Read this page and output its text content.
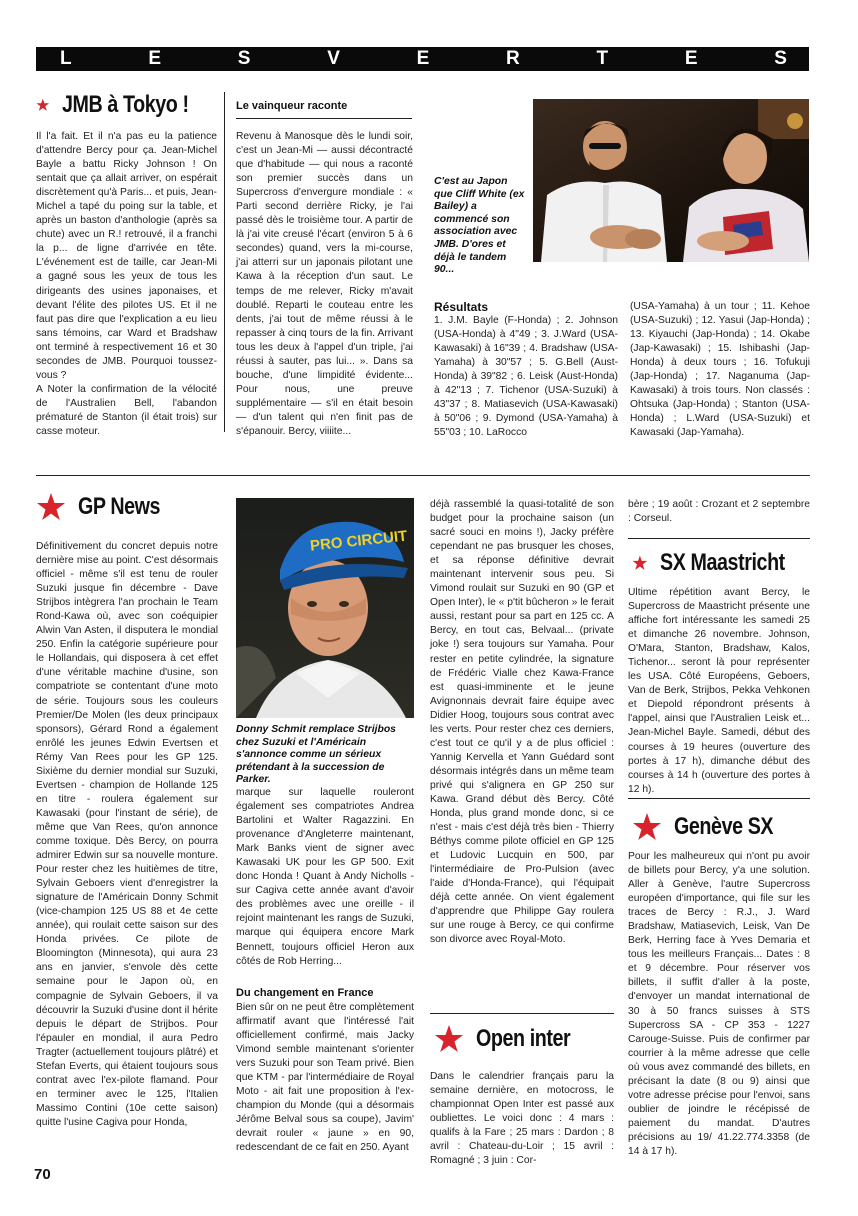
L	E	S	V	E	R	T	E	S
JMB à Tokyo !

Il l'a fait. Et il n'a pas eu la patience d'attendre Bercy pour ça. Jean-Michel Bayle a battu Ricky Johnson ! On sentait que ça allait arriver, on espérait discrètement qu'à Paris... et puis, Jean-Michel a tapé du poing sur la table, et après un baston d'anthologie (après sa chute) avec un R.! retrouvé, il a franchi la p... de ligne d'arrivée en tête. L'événement est de taille, car Jean-Mi a gagné sous les yeux de tous les dirigeants des usines japonaises, et devant l'élite des pilotes US. Et il ne faut pas dire que l'explication a eu lieu sans témoins, car Ward et Bradshaw ont terminé à respectivement 16 et 30 secondes de JMB. Pourquoi toussez-vous ?

A Noter la confirmation de la vélocité de l'Australien Bell, l'abandon prématuré de Stanton (il était trois) sur casse moteur.

Le vainqueur raconte
Revenu à Manosque dès le lundi soir, c'est un Jean-Mi — aussi décontracté que d'habitude — qui nous a raconté son premier succès dans un Supercross d'envergure mondiale : « Parti second derrière Ricky, je l'ai passé dès le troisième tour. A partir de là j'ai vite creusé l'écart (environ 5 à 6 secondes) quand, vers la mi-course, j'ai atterri sur un japonais pilotant une Kawa à la réception d'un saut. Le temps de me relever, Ricky m'avait doublé. Reparti le couteau entre les dents, j'ai tout de même réussi à le repasser à cinq tours de la fin. Arrivant tous les deux à l'appel d'un triple, j'ai réussi à sauter, pas lui... ». Dans sa bouche, d'une limpidité évidente... Pour nous, une preuve supplémentaire — s'il en était besoin — d'un talent qui n'en finit pas de s'épanouir. Bercy, viiiite...
C'est au Japon que Cliff White (ex Bailey) a commencé son association avec JMB. D'ores et déjà le tandem 90...
Résultats
1. J.M. Bayle (F-Honda) ; 2. Johnson (USA-Honda) à 4"49 ; 3. J.Ward (USA-Kawasaki) à 16"39 ; 4. Bradshaw (USA-Yamaha) à 30"57 ; 5. G.Bell (Aust-Honda) à 39"82 ; 6. Leisk (Aust-Honda) à 42"13 ; 7. Tichenor (USA-Suzuki) à 43"37 ; 8. Matiasevich (USA-Kawasaki) à 50"06 ; 9. Dymond (USA-Yamaha) à 55"03 ; 10. LaRocco
(USA-Yamaha) à un tour ; 11. Kehoe (USA-Suzuki) ; 12. Yasui (Jap-Honda) ; 13. Kiyauchi (Jap-Honda) ; 14. Okabe (Jap-Kawasaki) ; 15. Ishibashi (Jap-Honda) à deux tours ; 16. Tofukuji (Jap-Honda) ; 17. Naganuma (Jap-Kawasaki) à trois tours. Non classés : Ohtsuka (Jap-Honda) ; Stanton (USA-Honda) ; L.Ward (USA-Suzuki) et Kawasaki (Jap-Yamaha).
GP News
Définitivement du concret depuis notre dernière mise au point. C'est désormais officiel - même s'il est tenu de rouler Suzuki jusque fin décembre - Dave Strijbos intègrera l'an prochain le Team Rond-Kawa où, avec son coéquipier Alwin Van Asten, il disputera le mondial 250. Enfin la catégorie supérieure pour le Hollandais, qui disposera à cet effet d'une véritable machine d'usine, son compatriote se contentant d'une moto de série. Toujours sous les couleurs Premier/De Molen (les deux principaux sponsors), Gérard Rond a également enrôlé les jeunes Edwin Evertsen et Rémy Van Rees pour les GP 125. Sixième du dernier mondial sur Suzuki, Evertsen - champion de Hollande 125 en titre - roulera également sur Kawasaki (pour l'instant de série), de même que Van Rees, qu'on annonce comme toxique. Dès Bercy, on pourra admirer Edwin sur sa nouvelle monture. Pour rester chez les huitièmes de titre, Sylvain Geboers vient d'enregistrer la signature de l'Américain Donny Schmit (vice-champion 125 US 88 et 4e cette année), qui roulait cette saison sur des Honda privées. Ce pilote de Bloomington (Minnesota), qui aura 23 ans en janvier, s'envole dès cette semaine pour le Japon où, en compagnie de Sylvain Geboers, il va découvrir la Suzuki d'usine dont il hérite depuis le départ de Strijbos. Pour l'épauler en mondial, il aura Pedro Tragter (actuellement toujours plâtré) et Stefan Everts, qui étaient toujours sous contrat avec l'ex-pilote flamand. Pour en terminer avec le 125, l'Italien Massimo Contini (10e cette saison) quitte l'usine Cagiva pour Honda,
PRO CIRCUIT
Donny Schmit remplace Strijbos chez Suzuki et l'Américain s'annonce comme un sérieux prétendant à la succession de Parker.
marque sur laquelle rouleront également ses compatriotes Andrea Bartolini et Walter Ragazzini. En provenance d'Angleterre maintenant, Mark Banks vient de signer avec Kawasaki UK pour les GP 500. Exit donc Honda ! Quant à Andy Nicholls - sur Cagiva cette année avant d'avoir des problèmes avec une oreille - il rejoint maintenant les rangs de Suzuki, marque qui équipera encore Mark Bennett, toujours officiel Heron aux côtés de Rob Herring...
Du changement en France
Bien sûr on ne peut être complètement affirmatif avant que l'intéressé l'ait officiellement confirmé, mais Jacky Vimond semble maintenant s'orienter vers Suzuki pour son Team privé. Bien que KTM - par l'intermédiaire de Royal Moto - ait fait une proposition à l'ex-champion du Monde (qui a désormais Jérôme Belval sous sa coupe), Javim' devrait rouler « jaune » en 90, redescendant de ce fait en 250. Ayant
déjà rassemblé la quasi-totalité de son budget pour la prochaine saison (un sacré souci en moins !), Jacky préfère cependant ne pas brusquer les choses, et sa réponse définitive devrait maintenant intervenir sous peu. Si Vimond roulait sur Suzuki en 90 (GP et Open Inter), le « p'tit bûcheron » le ferait aussi, restant pour sa part en 125 cc. A Bercy, en tout cas, Belvaal... (private joke !) sera toujours sur Yamaha. Pour rester en petite cylindrée, la signature de Frédéric Vialle chez Kawa-France est quasi-imminente et le jeune Avignonnais devrait faire équipe avec Didier Hoog, toujours sous contrat avec les verts. Pour rester chez ces derniers, c'est tout ce qu'il y a de plus officiel : Yannig Kervella et Yann Guédard sont désormais intégrés dans un même team privé qui s'alignera en GP 250 sur Kawa. Grand début dès Bercy. Côté Honda, plus grand monde donc, si ce n'est - mais c'est déjà très bien - Thierry Béthys comme pilote officiel en GP 125 et Ludovic Lucquin en 500, par l'intermédiaire de Pro-Pulsion (avec l'aide d'Honda-France), qui l'équipait déjà cette année. On vient également d'apprendre que Philippe Gay roulera sur une rouge à Bercy, ce qui confirme son divorce avec Royal-Moto.
Open inter
Dans le calendrier français paru la semaine dernière, en motocross, le championnat Open Inter est passé aux oubliettes. Le voici donc : 4 mars : qualifs à la Fare ; 25 mars : Dardon ; 8 avril : Chateau-du-Loir ; 15 avril : Romagné ; 3 juin : Cor-
bère ; 19 août : Crozant et 2 septembre : Corseul.
SX Maastricht
Ultime répétition avant Bercy, le Supercross de Maastricht présente une affiche fort intéressante les samedi 25 et dimanche 26 novembre. Johnson, O'Mara, Stanton, Bradshaw, Kalos, Tichenor... seront là pour représenter les USA. Côté Européens, Geboers, Van de Berk, Strijbos, Pekka Vehkonen et Diepold répondront présents à l'appel, ainsi que l'Australien Leisk et... Jean-Michel Bayle. Samedi, début des courses à 19 heures (ouverture des portes à 17 h), dimanche début des courses à 14 h (ouverture des portes à 12 h).
Genève SX
Pour les malheureux qui n'ont pu avoir de billets pour Bercy, y'a une solution. Aller à Genève, l'autre Supercross européen d'importance, qui file sur les traces de Bercy : R.J., J. Ward Bradshaw, Matiasevich, Leisk, Van De Berk, Herring face à Yves Demaria et tous les meilleurs Français... Dates : 8 et 9 décembre. Pour réserver vos billets, il suffit d'aller à la poste, d'envoyer un mandat international de 30 à 50 francs suisses à STS Supercross SA - CP 353 - 1227 Carouge-Suisse. Puis de confirmer par courrier à la même adresse que celle où vous avez commandé des billets, en précisant la date (8 ou 9) ainsi que votre adresse précise pour l'envoi, sans oublier de joindre le récépissé de paiement du mandat. D'autres précisions au 19/ 41.22.774.3358 (de 14 à 17 h).
70
